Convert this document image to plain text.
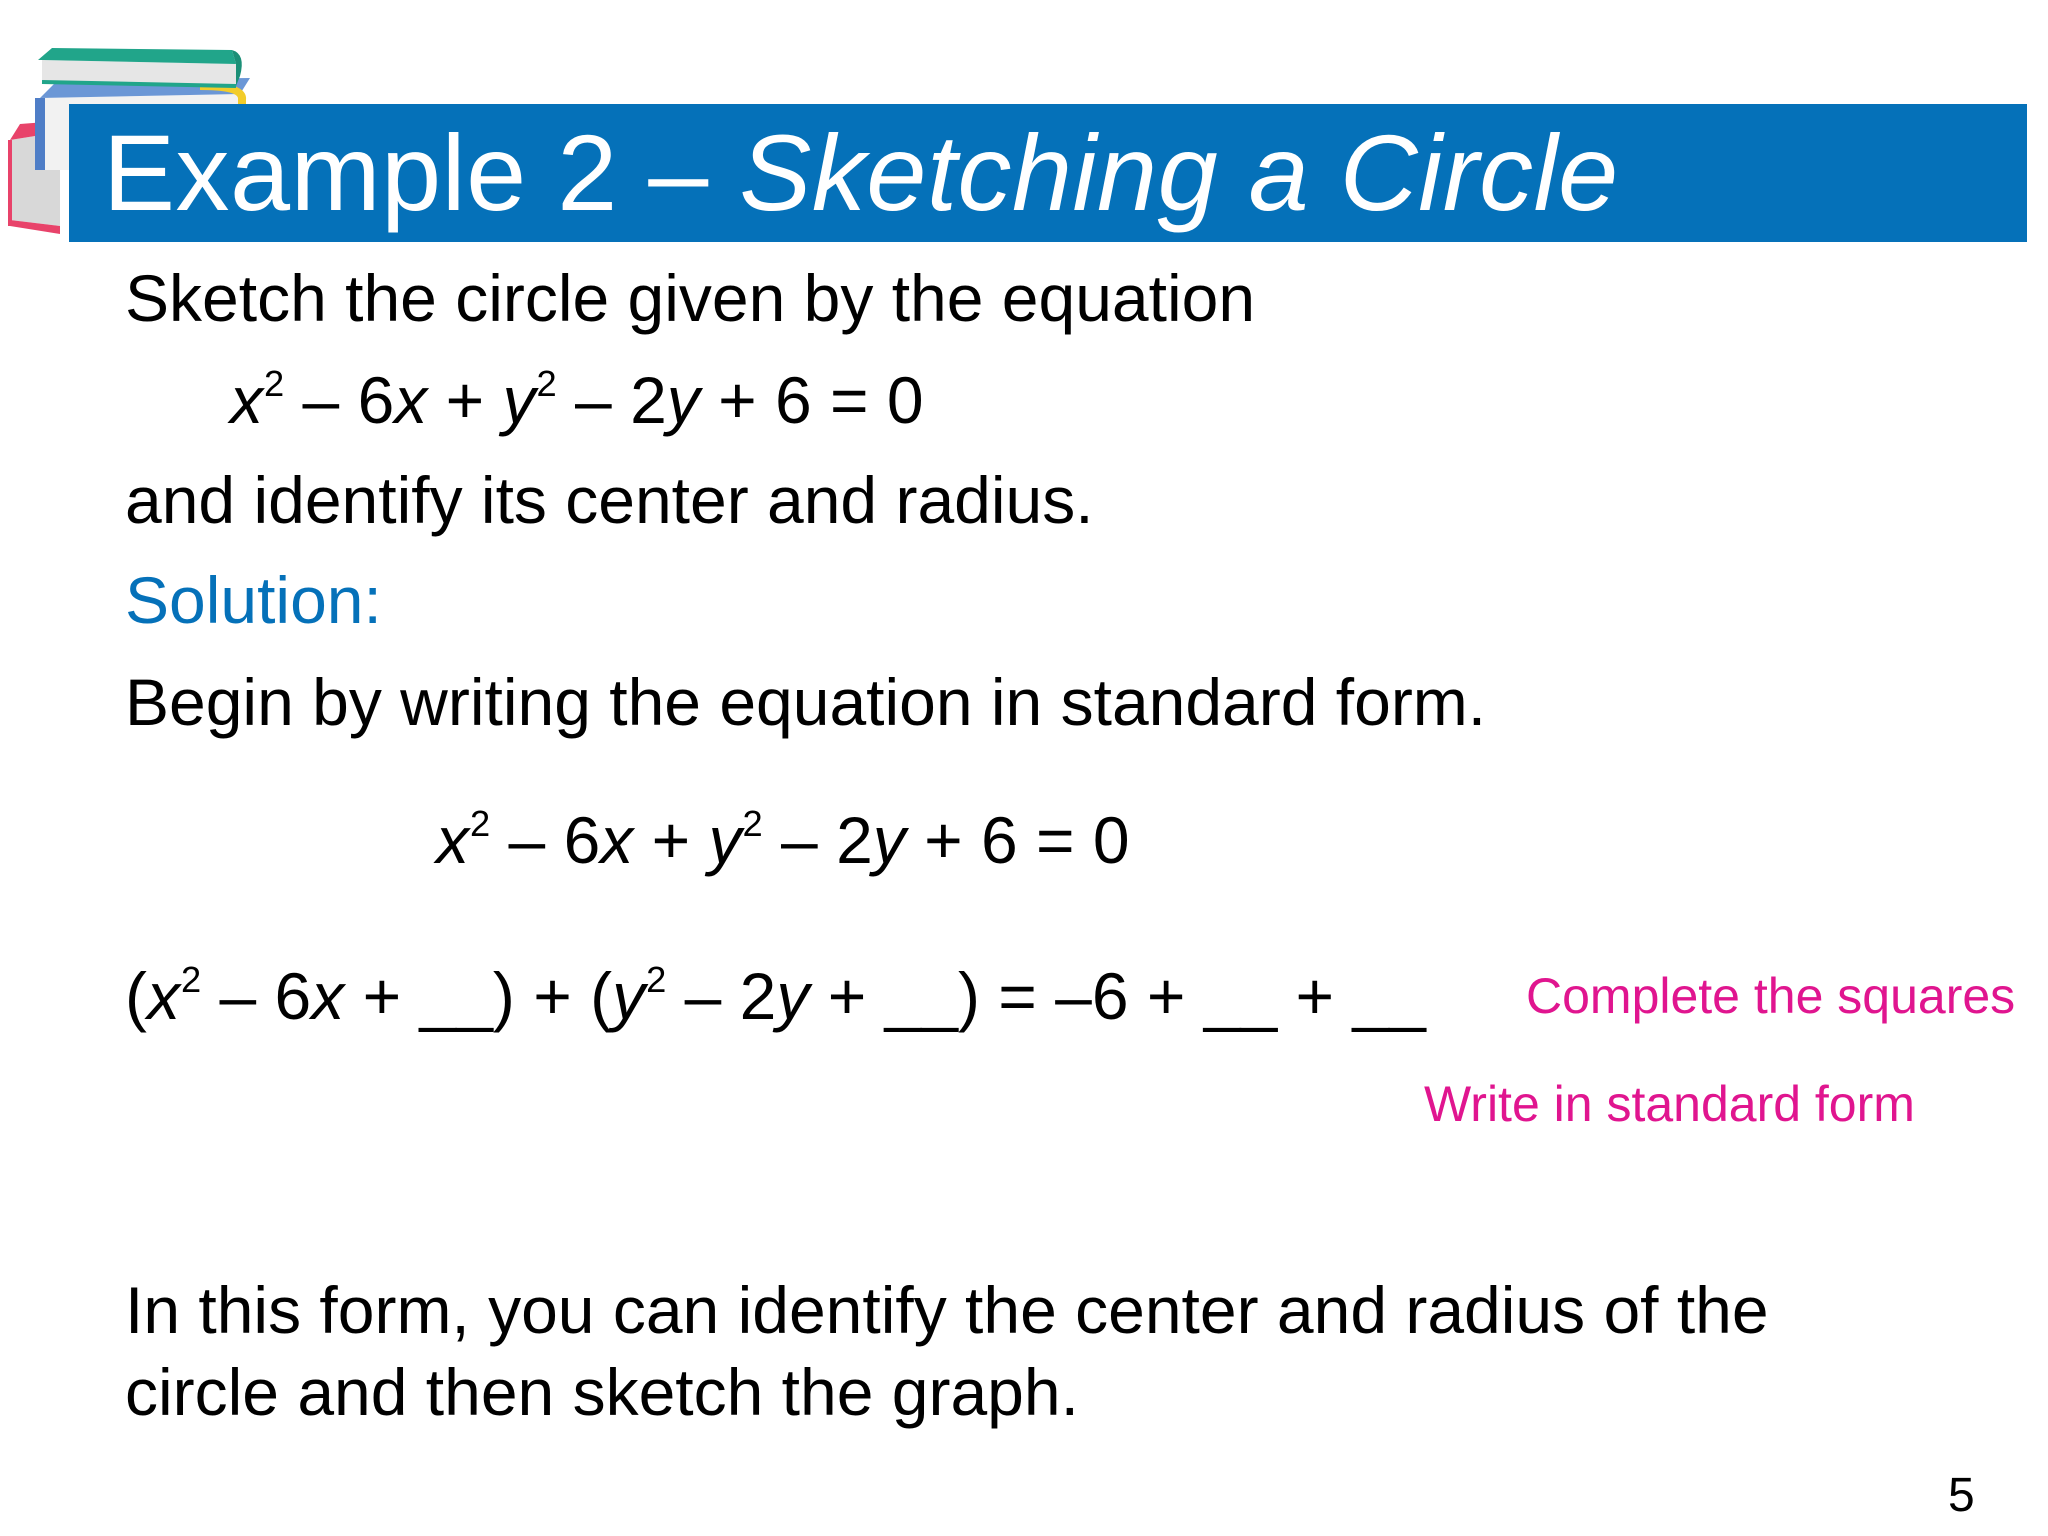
Example 2 – Sketching a Circle
Sketch the circle given by the equation
$x^2 - 6x + y^2 - 2y + 6 = 0$
and identify its center and radius.
Solution:
Begin by writing the equation in standard form.
$x^2 - 6x + y^2 - 2y + 6 = 0$
($x^2 - 6x$ + __) + ($y^2 - 2y$ + __) = –6 + __ + __ Complete the squares
Write in standard form
In this form, you can identify the center and radius of the
circle and then sketch the graph.
5
